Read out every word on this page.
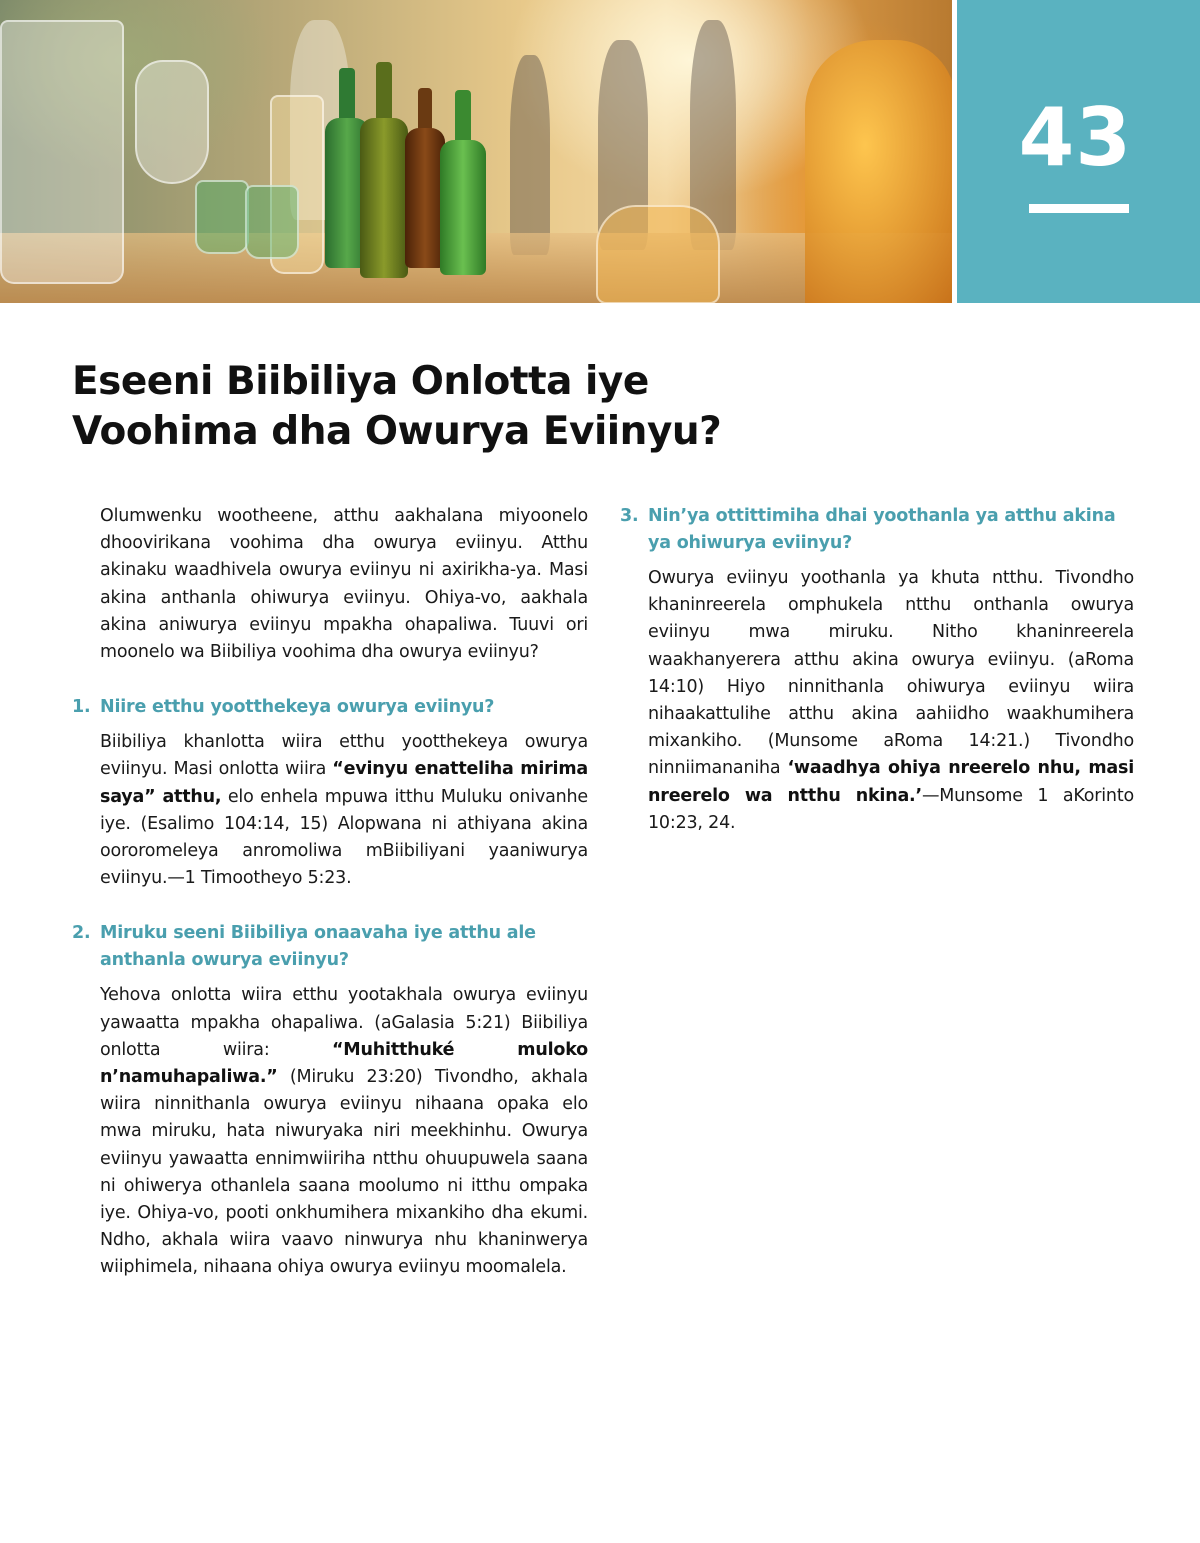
43
Eseeni Biibiliya Onlotta iye
Voohima dha Owurya Eviinyu?

Olumwenku wootheene, atthu aakhalana miyoonelo dhoovirikana voohima dha owurya eviinyu. Atthu akinaku waadhivela owurya eviinyu ni axirikha-ya. Masi akina anthanla ohiwurya eviinyu. Ohiya-vo, aakhala akina aniwurya eviinyu mpakha ohapaliwa. Tuuvi ori moonelo wa Biibiliya voohima dha owurya eviinyu?

1. Niire etthu yootthekeya owurya eviinyu?

Biibiliya khanlotta wiira etthu yootthekeya owurya eviinyu. Masi onlotta wiira “evinyu enatteliha mirima saya” atthu, elo enhela mpuwa itthu Muluku onivanhe iye. (Esalimo 104:14, 15) Alopwana ni athiyana akina oororomeleya anromoliwa mBiibiliyani yaaniwurya eviinyu.—1 Timootheyo 5:23.

2. Miruku seeni Biibiliya onaavaha iye atthu ale anthanla owurya eviinyu?

Yehova onlotta wiira etthu yootakhala owurya eviinyu yawaatta mpakha ohapaliwa. (aGalasia 5:21) Biibiliya onlotta wiira: “Muhitthuké muloko n’namuhapaliwa.” (Miruku 23:20) Tivondho, akhala wiira ninnithanla owurya eviinyu nihaana opaka elo mwa miruku, hata niwuryaka niri meekhinhu. Owurya eviinyu yawaatta ennimwiiriha ntthu ohuupuwela saana ni ohiwerya othanlela saana moolumo ni itthu ompaka iye. Ohiya-vo, pooti onkhumihera mixankiho dha ekumi. Ndho, akhala wiira vaavo ninwurya nhu khaninwerya wiiphimela, nihaana ohiya owurya eviinyu moomalela.

3. Nin’ya ottittimiha dhai yoothanla ya atthu akina ya ohiwurya eviinyu?

Owurya eviinyu yoothanla ya khuta ntthu. Tivondho khaninreerela omphukela ntthu onthanla owurya eviinyu mwa miruku. Nitho khaninreerela waakhanyerera atthu akina owurya eviinyu. (aRoma 14:10) Hiyo ninnithanla ohiwurya eviinyu wiira nihaakattulihe atthu akina aahiidho waakhumihera mixankiho. (Munsome aRoma 14:21.) Tivondho ninniimananiha ‘waadhya ohiya nreerelo nhu, masi nreerelo wa ntthu nkina.’—Munsome 1 aKorinto 10:23, 24.
